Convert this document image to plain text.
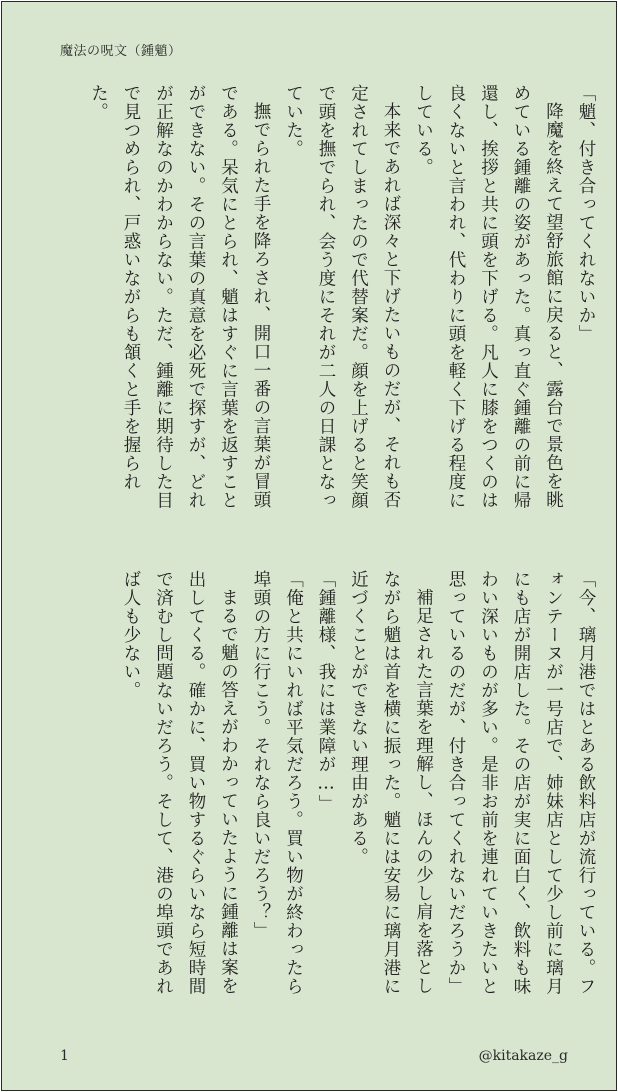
魔法の呪文（鍾魈）

「魈、付き合ってくれないか」

降魔を終えて望舒旅館に戻ると、露台で景色を眺めている鍾離の姿があった。真っ直ぐ鍾離の前に帰還し、挨拶と共に頭を下げる。凡人に膝をつくのは良くないと言われ、代わりに頭を軽く下げる程度にしている。

本来であれば深々と下げたいものだが、それも否定されてしまったので代替案だ。顔を上げると笑顔で頭を撫でられ、会う度にそれが二人の日課となっていた。

撫でられた手を降ろされ、開口一番の言葉が冒頭である。呆気にとられ、魈はすぐに言葉を返すことができない。その言葉の真意を必死で探すが、どれが正解なのかわからない。ただ、鍾離に期待した目で見つめられ、戸惑いながらも頷くと手を握られた。

「今、璃月港ではとある飲料店が流行っている。フォンテーヌが一号店で、姉妹店として少し前に璃月にも店が開店した。その店が実に面白く、飲料も味わい深いものが多い。是非お前を連れていきたいと思っているのだが、付き合ってくれないだろうか」

補足された言葉を理解し、ほんの少し肩を落としながら魈は首を横に振った。魈には安易に璃月港に近づくことができない理由がある。

「鍾離様、我には業障が…」

「俺と共にいれば平気だろう。買い物が終わったら埠頭の方に行こう。それなら良いだろう？」

まるで魈の答えがわかっていたように鍾離は案を出してくる。確かに、買い物するぐらいなら短時間で済むし問題ないだろう。そして、港の埠頭であれば人も少ない。

1	@kitakaze_g
